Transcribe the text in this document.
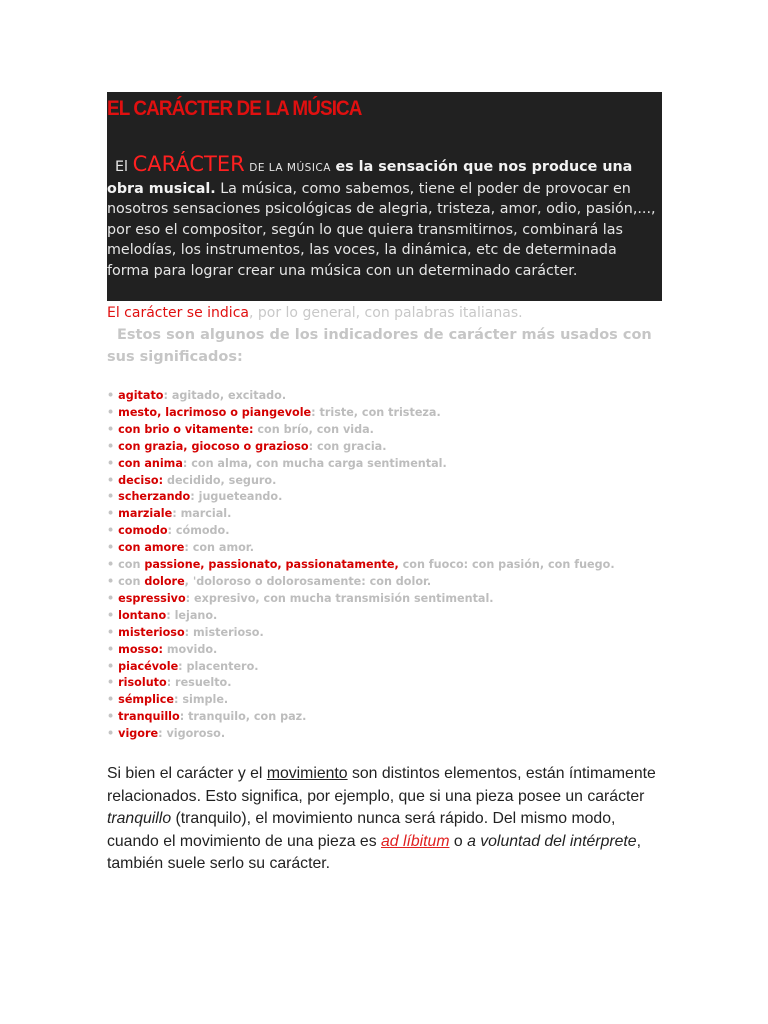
EL CARÁCTER DE LA MÚSICA

El CARÁCTER DE LA MÚSICA es la sensación que nos produce una obra musical. La música, como sabemos, tiene el poder de provocar en nosotros sensaciones psicológicas de alegria, tristeza, amor, odio, pasión,..., por eso el compositor, según lo que quiera transmitirnos, combinará las melodías, los instrumentos, las voces, la dinámica, etc de determinada forma para lograr crear una música con un determinado carácter.

El carácter se indica, por lo general, con palabras italianas.

Estos son algunos de los indicadores de carácter más usados con sus significados:

• agitato: agitado, excitado.
• mesto, lacrimoso o piangevole: triste, con tristeza.
• con brio o vitamente: con brío, con vida.
• con grazia, giocoso o grazioso: con gracia.
• con anima: con alma, con mucha carga sentimental.
• deciso: decidido, seguro.
• scherzando: jugueteando.
• marziale: marcial.
• comodo: cómodo.
• con amore: con amor.
• con passione, passionato, passionatamente, con fuoco: con pasión, con fuego.
• con dolore, 'doloroso o dolorosamente: con dolor.
• espressivo: expresivo, con mucha transmisión sentimental.
• lontano: lejano.
• misterioso: misterioso.
• mosso: movido.
• piacévole: placentero.
• risoluto: resuelto.
• sémplice: simple.
• tranquillo: tranquilo, con paz.
• vigore: vigoroso.

Si bien el carácter y el movimiento son distintos elementos, están íntimamente relacionados. Esto significa, por ejemplo, que si una pieza posee un carácter tranquillo (tranquilo), el movimiento nunca será rápido. Del mismo modo, cuando el movimiento de una pieza es ad líbitum o a voluntad del intérprete, también suele serlo su carácter.
